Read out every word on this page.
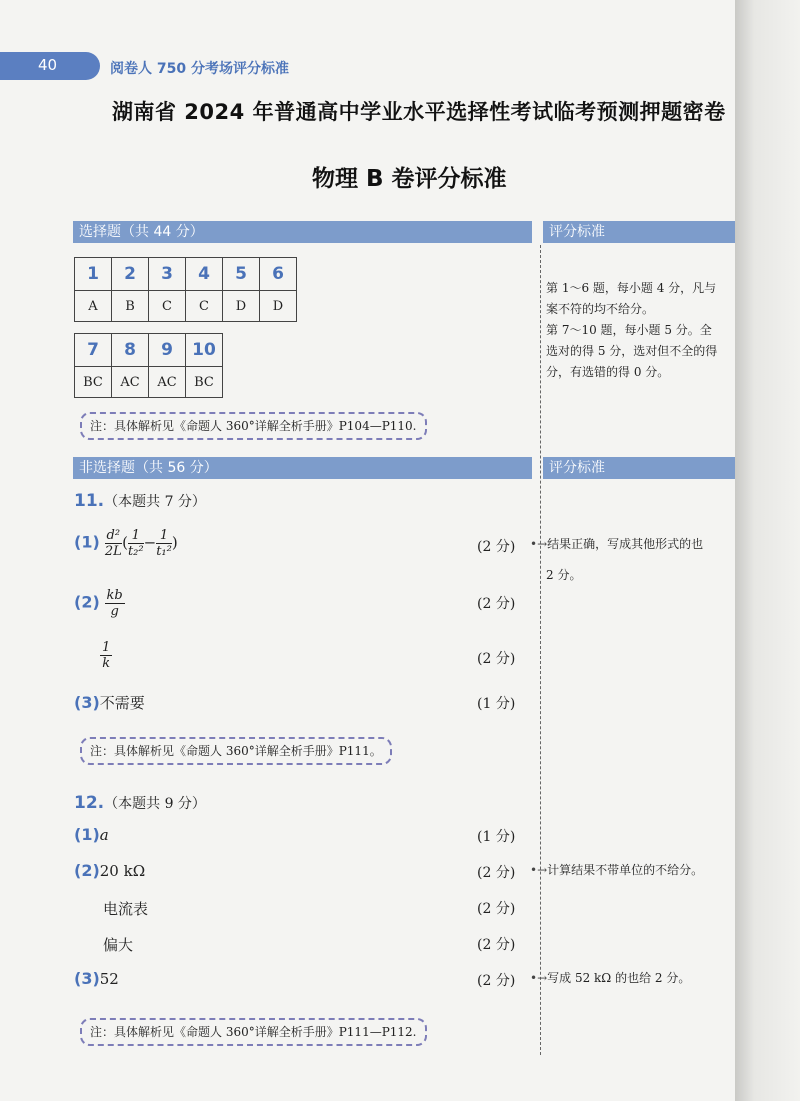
40	阅卷人 750 分考场评分标准
湖南省 2024 年普通高中学业水平选择性考试临考预测押题密卷
物理 B 卷评分标准
选择题（共 44 分）	评分标准
1	2	3	4	5	6
A	B	C	C	D	D
7	8	9	10
BC	AC	AC	BC
注：具体解析见《命题人 360°详解全析手册》P104—P110.
第 1～6 题，每小题 4 分，凡与
案不符的均不给分。
第 7～10 题，每小题 5 分。全
选对的得 5 分，选对但不全的得
分，有选错的得 0 分。
非选择题（共 56 分）	评分标准
11.（本题共 7 分）
$(1) \frac{\text{d²}}{2L}$ ( $\frac{1}{\text{t₂²}} - \frac{1}{\text{t₁²}}$ )	(2 分)
$(2) \frac{kb}{g}$	(2 分)
$\frac{1}{k}$	(2 分)
(3)不需要	(1 分)
注：具体解析见《命题人 360°详解全析手册》P111。
•→结果正确，写成其他形式的也
2 分。
12.（本题共 9 分）
(1)a	(1 分)
(2)20 kΩ	(2 分)
电流表	(2 分)
偏大	(2 分)
(3)52	(2 分)
注：具体解析见《命题人 360°详解全析手册》P111—P112.
•→计算结果不带单位的不给分。
•→写成 52 kΩ 的也给 2 分。
